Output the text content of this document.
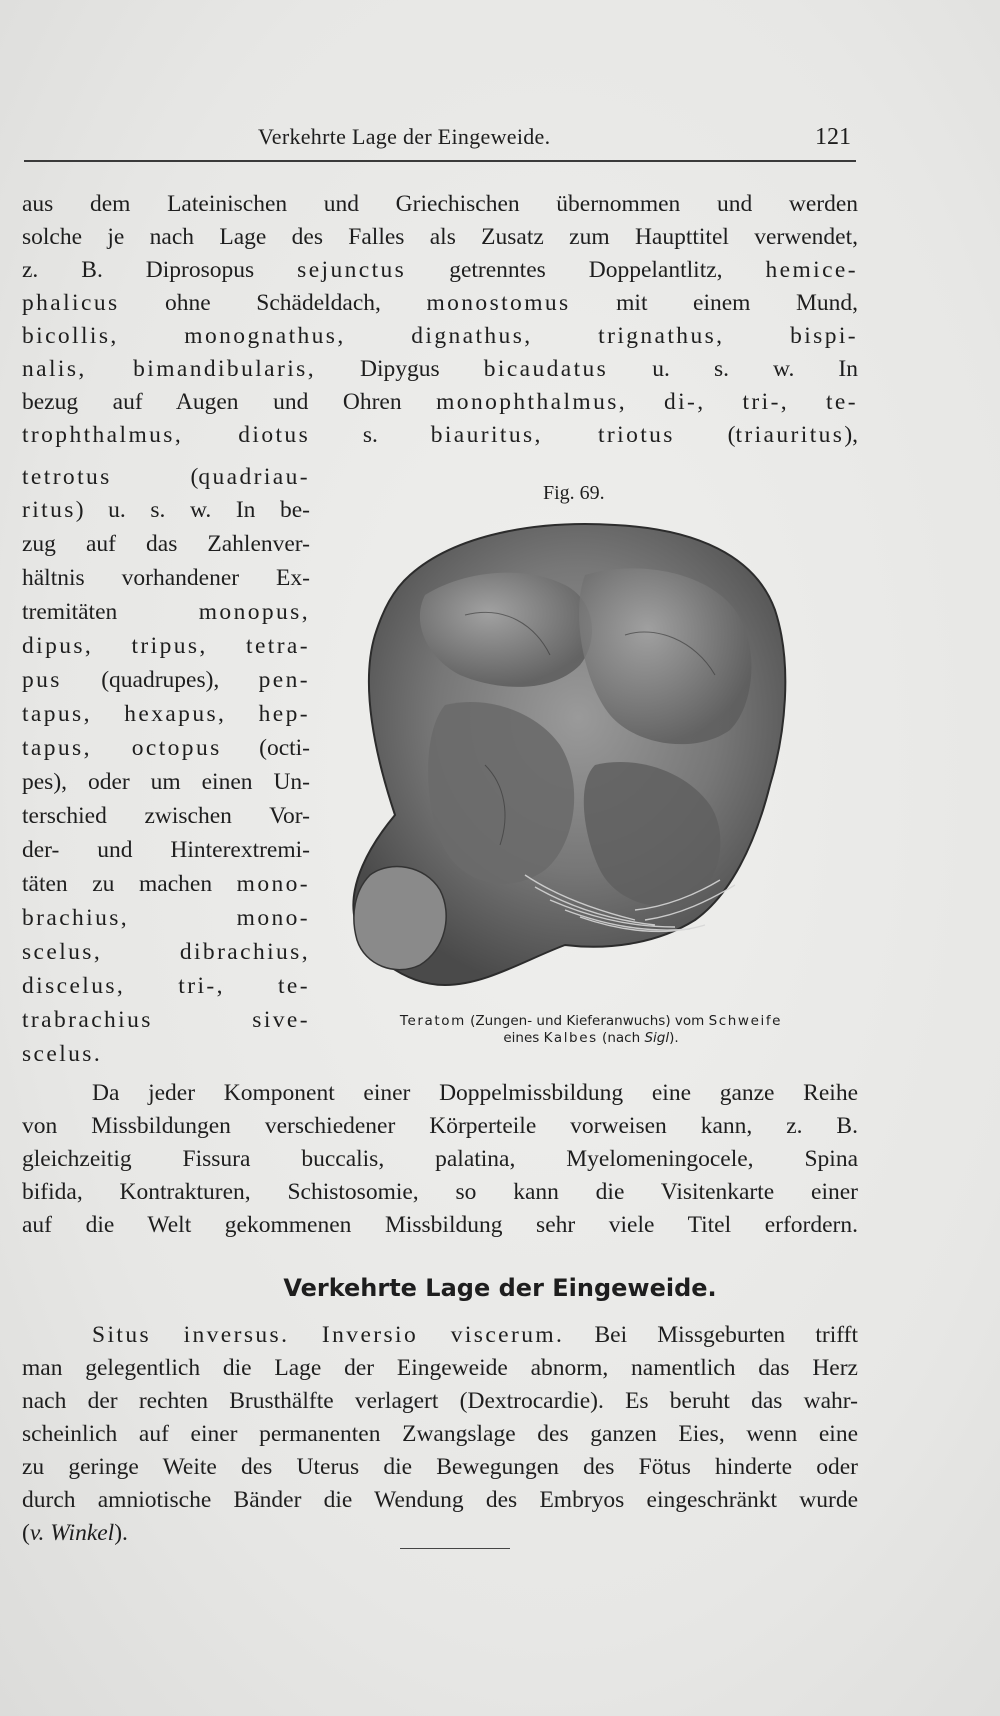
Verkehrte Lage der Eingeweide.	121
aus dem Lateinischen und Griechischen übernommen und werden
solche je nach Lage des Falles als Zusatz zum Haupttitel verwendet,
z. B. Diprosopus sejunctus getrenntes Doppelantlitz, hemice-
phalicus ohne Schädeldach, monostomus mit einem Mund,
bicollis, monognathus, dignathus, trignathus, bispi-
nalis, bimandibularis, Dipygus bicaudatus u. s. w. In
bezug auf Augen und Ohren monophthalmus, di-, tri-, te-
trophthalmus, diotus s. biauritus, triotus (triauritus),
tetrotus (quadriau-
ritus) u. s. w. In be-
zug auf das Zahlenver-
hältnis vorhandener Ex-
tremitäten monopus,
dipus, tripus, tetra-
pus (quadrupes), pen-
tapus, hexapus, hep-
tapus, octopus (octi-
pes), oder um einen Un-
terschied zwischen Vor-
der- und Hinterextremi-
täten zu machen mono-
brachius, mono-
scelus, dibrachius,
discelus, tri-, te-
trabrachius sive-
scelus.
Fig. 69.
Teratom (Zungen- und Kieferanwuchs) vom Schweife
eines Kalbes (nach Sigl).
Da jeder Komponent einer Doppelmissbildung eine ganze Reihe
von Missbildungen verschiedener Körperteile vorweisen kann, z. B.
gleichzeitig Fissura buccalis, palatina, Myelomeningocele, Spina
bifida, Kontrakturen, Schistosomie, so kann die Visitenkarte einer
auf die Welt gekommenen Missbildung sehr viele Titel erfordern.
Verkehrte Lage der Eingeweide.
Situs inversus. Inversio viscerum. Bei Missgeburten trifft
man gelegentlich die Lage der Eingeweide abnorm, namentlich das Herz
nach der rechten Brusthälfte verlagert (Dextrocardie). Es beruht das wahr-
scheinlich auf einer permanenten Zwangslage des ganzen Eies, wenn eine
zu geringe Weite des Uterus die Bewegungen des Fötus hinderte oder
durch amniotische Bänder die Wendung des Embryos eingeschränkt wurde
(v. Winkel).
